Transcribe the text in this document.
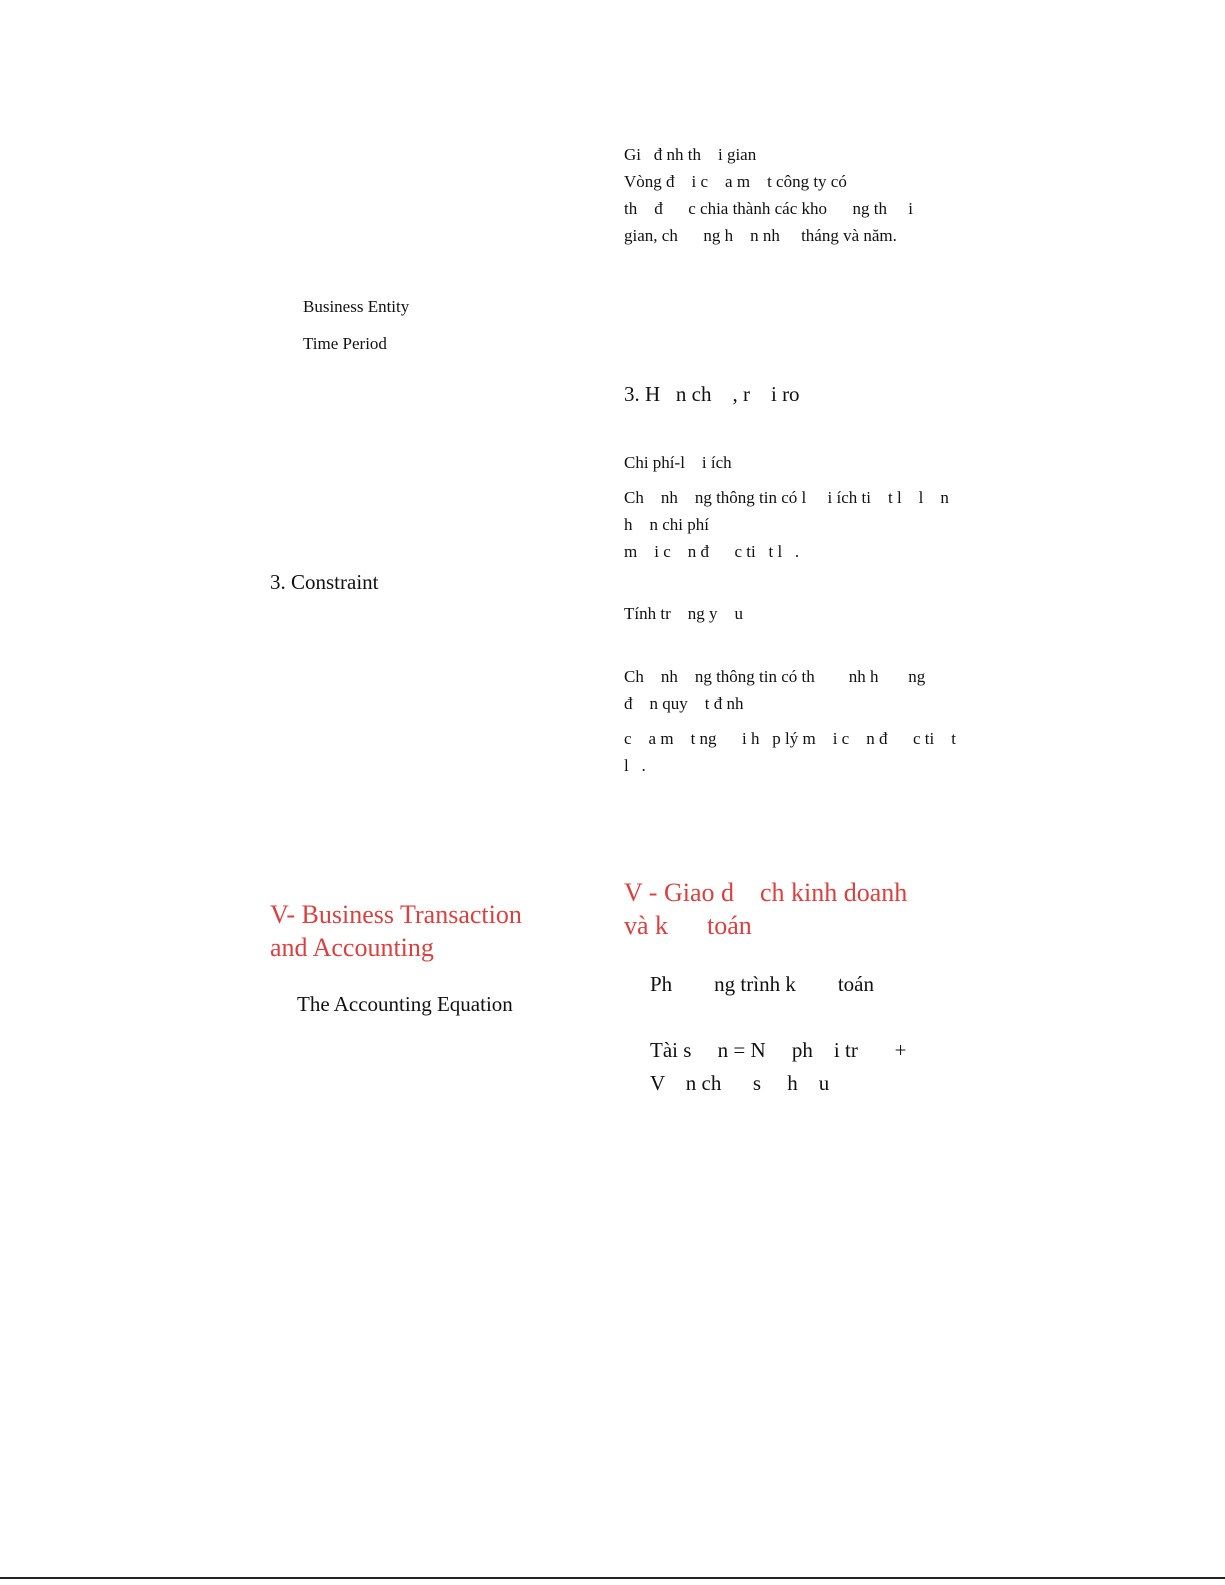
Business Entity
Time Period
3. Constraint
V- Business Transaction
and Accounting
The Accounting Equation
Gi   đ nh th    i gian
Vòng đ    i c    a m    t công ty có
th    đ      c chia thành các kho      ng th     i
gian, ch      ng h    n nh     tháng và năm.
3. H   n ch    , r    i ro
Chi phí-l    i ích
Ch    nh    ng thông tin có l     i ích ti    t l    l    n
h    n chi phí
m    i c    n đ      c ti   t l   .
Tính tr    ng y    u
Ch    nh    ng thông tin có th        nh h       ng
đ    n quy    t đ nh
c    a m    t ng      i h   p lý m    i c    n đ      c ti    t
l   .
V - Giao d    ch kinh doanh
và k      toán
Ph        ng trình k        toán
Tài s     n = N     ph    i tr       +
V    n ch      s     h    u
